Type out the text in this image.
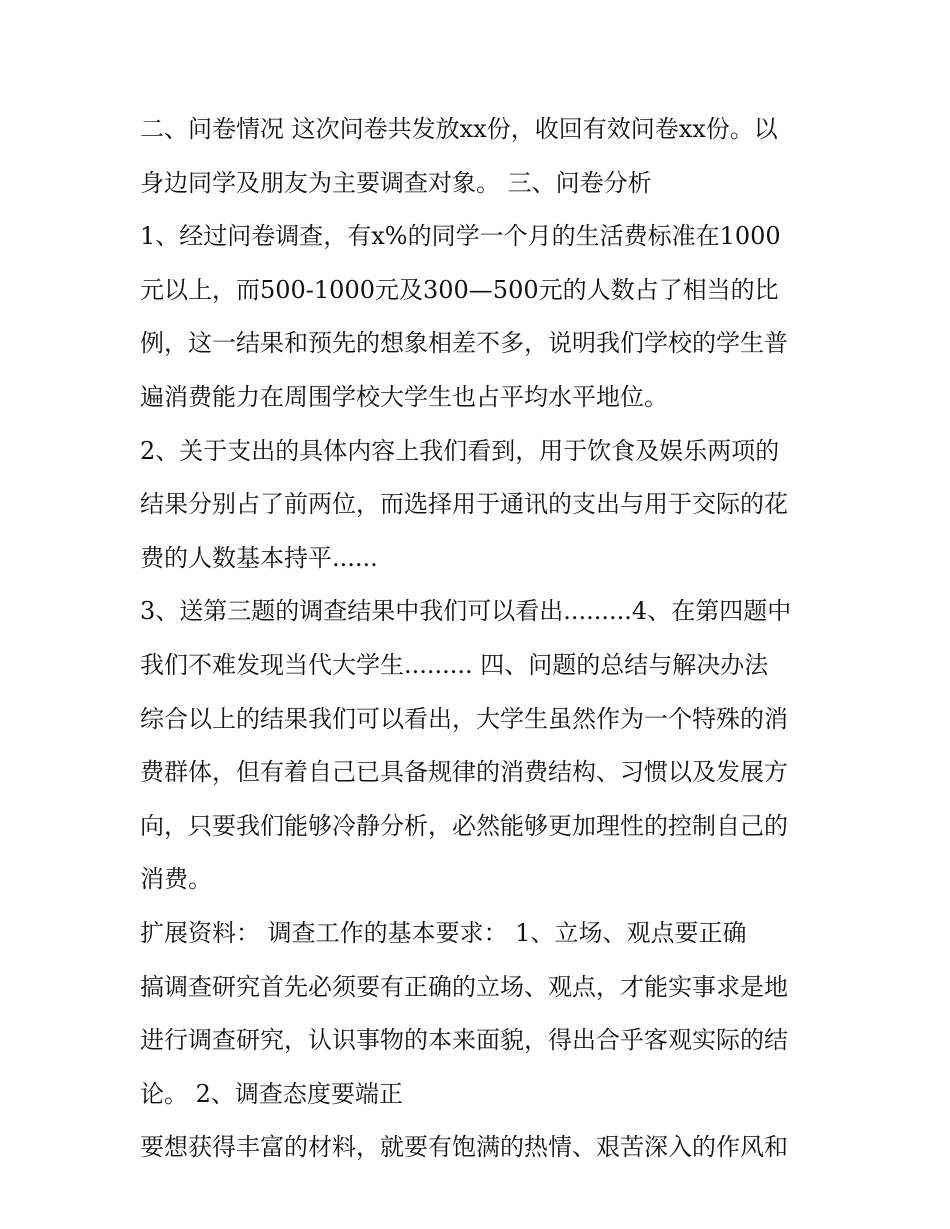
二、问卷情况 这次问卷共发放xx份，收回有效问卷xx份。以
身边同学及朋友为主要调查对象。 三、问卷分析
1、经过问卷调查，有x%的同学一个月的生活费标准在1000
元以上，而500-1000元及300—500元的人数占了相当的比
例，这一结果和预先的想象相差不多，说明我们学校的学生普
遍消费能力在周围学校大学生也占平均水平地位。
2、关于支出的具体内容上我们看到，用于饮食及娱乐两项的
结果分别占了前两位，而选择用于通讯的支出与用于交际的花
费的人数基本持平......
3、送第三题的调查结果中我们可以看出.........4、在第四题中
我们不难发现当代大学生......... 四、问题的总结与解决办法
综合以上的结果我们可以看出，大学生虽然作为一个特殊的消
费群体，但有着自己已具备规律的消费结构、习惯以及发展方
向，只要我们能够冷静分析，必然能够更加理性的控制自己的
消费。
扩展资料： 调查工作的基本要求： 1、立场、观点要正确
搞调查研究首先必须要有正确的立场、观点，才能实事求是地
进行调查研究，认识事物的本来面貌，得出合乎客观实际的结
论。 2、调查态度要端正
要想获得丰富的材料，就要有饱满的热情、艰苦深入的作风和
